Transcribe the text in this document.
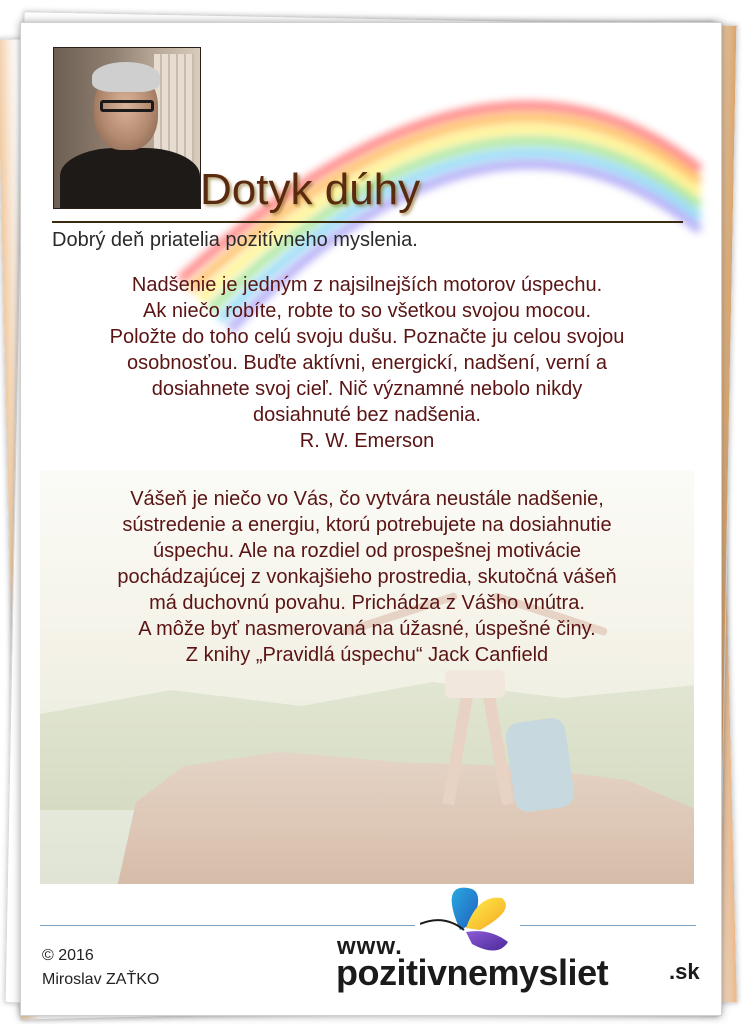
Dotyk dúhy
Dobrý deň priatelia pozitívneho myslenia.

Nadšenie je jedným z najsilnejších motorov úspechu.

Ak niečo robíte, robte to so všetkou svojou mocou.

Položte do toho celú svoju dušu. Poznačte ju celou svojou

osobnosťou. Buďte aktívni, energickí, nadšení, verní a

dosiahnete svoj cieľ. Nič významné nebolo nikdy

dosiahnuté bez nadšenia.

R. W. Emerson

Vášeň je niečo vo Vás, čo vytvára neustále nadšenie,

sústredenie a energiu, ktorú potrebujete na dosiahnutie

úspechu. Ale na rozdiel od prospešnej motivácie

pochádzajúcej z vonkajšieho prostredia, skutočná vášeň

má duchovnú povahu. Prichádza z Vášho vnútra.

A môže byť nasmerovaná na úžasné, úspešné činy.

Z knihy „Pravidlá úspechu“ Jack Canfield

© 2016
Miroslav ZAŤKO
www.
pozitivnemysliet	.sk
